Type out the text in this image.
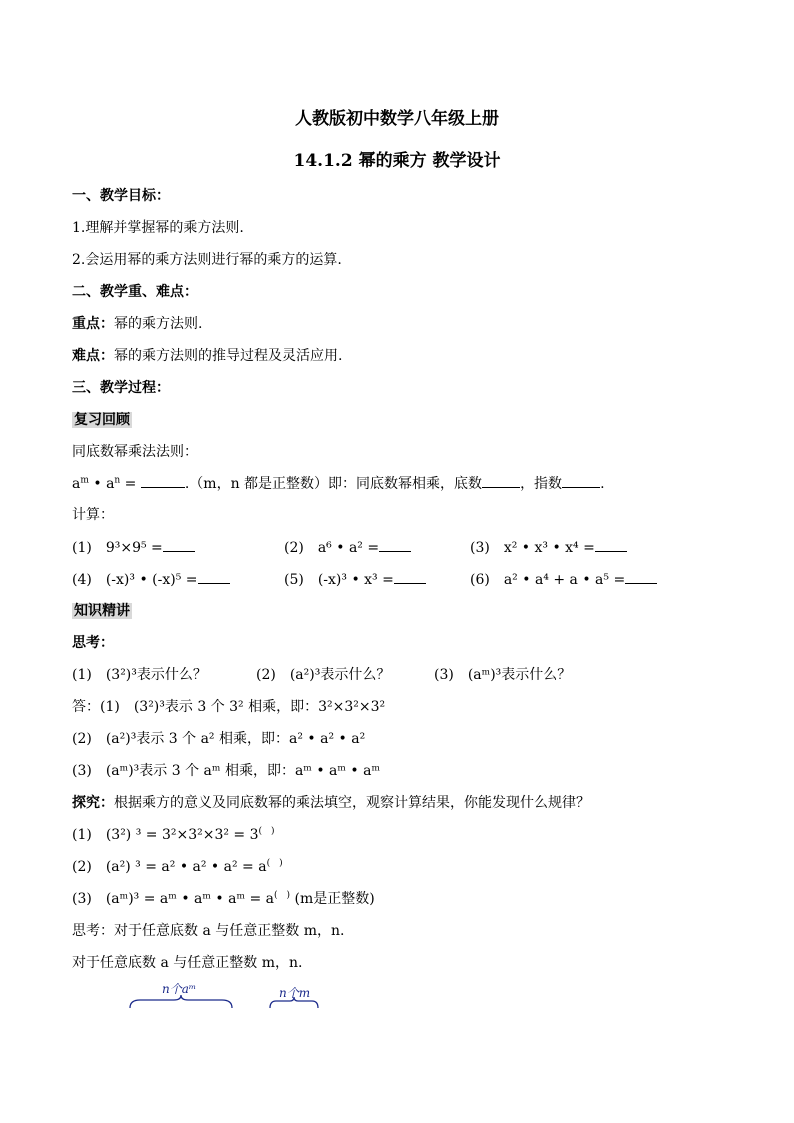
人教版初中数学八年级上册
14.1.2 幂的乘方 教学设计
一、教学目标：
1.理解并掌握幂的乘方法则.
2.会运用幂的乘方法则进行幂的乘方的运算.
二、教学重、难点：
重点：幂的乘方法则.
难点：幂的乘方法则的推导过程及灵活应用.
三、教学过程：
复习回顾
同底数幂乘法法则：
$a^m$ • $a^n$ =	.（m，n 都是正整数）即：同底数幂相乘，底数	，指数	.
计算：
(1)　9³×9⁵ =	(2)　a⁶ • a² =	(3)　x² • x³ • x⁴ =
(4)　(-x)³ • (-x)⁵ =	(5)　(-x)³ • x³ =	(6)　a² • a⁴ + a • a⁵ =
知识精讲
思考：
(1)　(3²)³表示什么？	(2)　(a²)³表示什么？	(3)　(aᵐ)³表示什么？
答：(1)　(3²)³表示 3 个 3² 相乘，即：3²×3²×3²
(2)　(a²)³表示 3 个 a² 相乘，即：a² • a² • a²
(3)　(aᵐ)³表示 3 个 aᵐ 相乘，即：aᵐ • aᵐ • aᵐ
探究：根据乘方的意义及同底数幂的乘法填空，观察计算结果，你能发现什么规律？
(1)　(3²) ³ = 3²×3²×3² = 3(　)
(2)　(a²) ³ = a² • a² • a² = a(　)
(3)　(aᵐ)³ = aᵐ • aᵐ • aᵐ = a(　) (m是正整数)
思考：对于任意底数 a 与任意正整数 m，n.
对于任意底数 a 与任意正整数 m，n.
n个aᵐ	n个m
